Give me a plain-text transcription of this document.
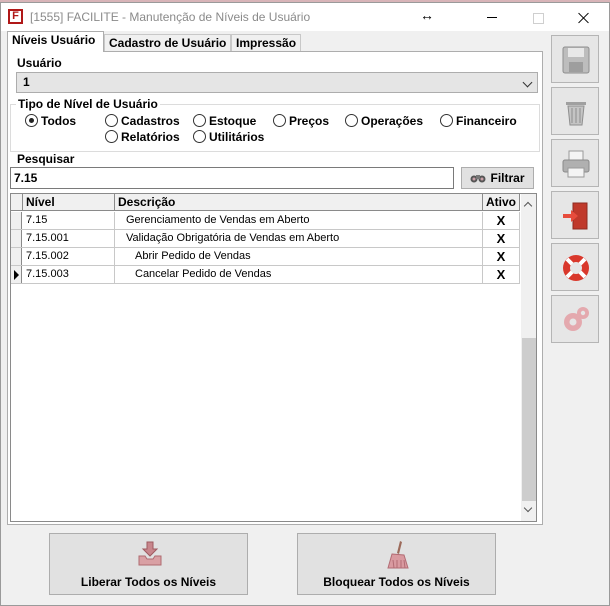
F [1555] FACILITE - Manutenção de Níveis de Usuário	↔
Níveis Usuário	Cadastro de Usuário Impressão
Usuário
1
Tipo de Nível de Usuário
Todos	Cadastros	Estoque	Preços	Operações	Financeiro
Relatórios	Utilitários
Pesquisar
7.15	Filtrar
Nível	Descrição	Ativo
7.15	Gerenciamento de Vendas em Aberto	X
7.15.001	Validação Obrigatória de Vendas em Aberto	X
7.15.002	Abrir Pedido de Vendas	X
7.15.003	Cancelar Pedido de Vendas	X
Liberar Todos os Níveis	Bloquear Todos os Níveis
